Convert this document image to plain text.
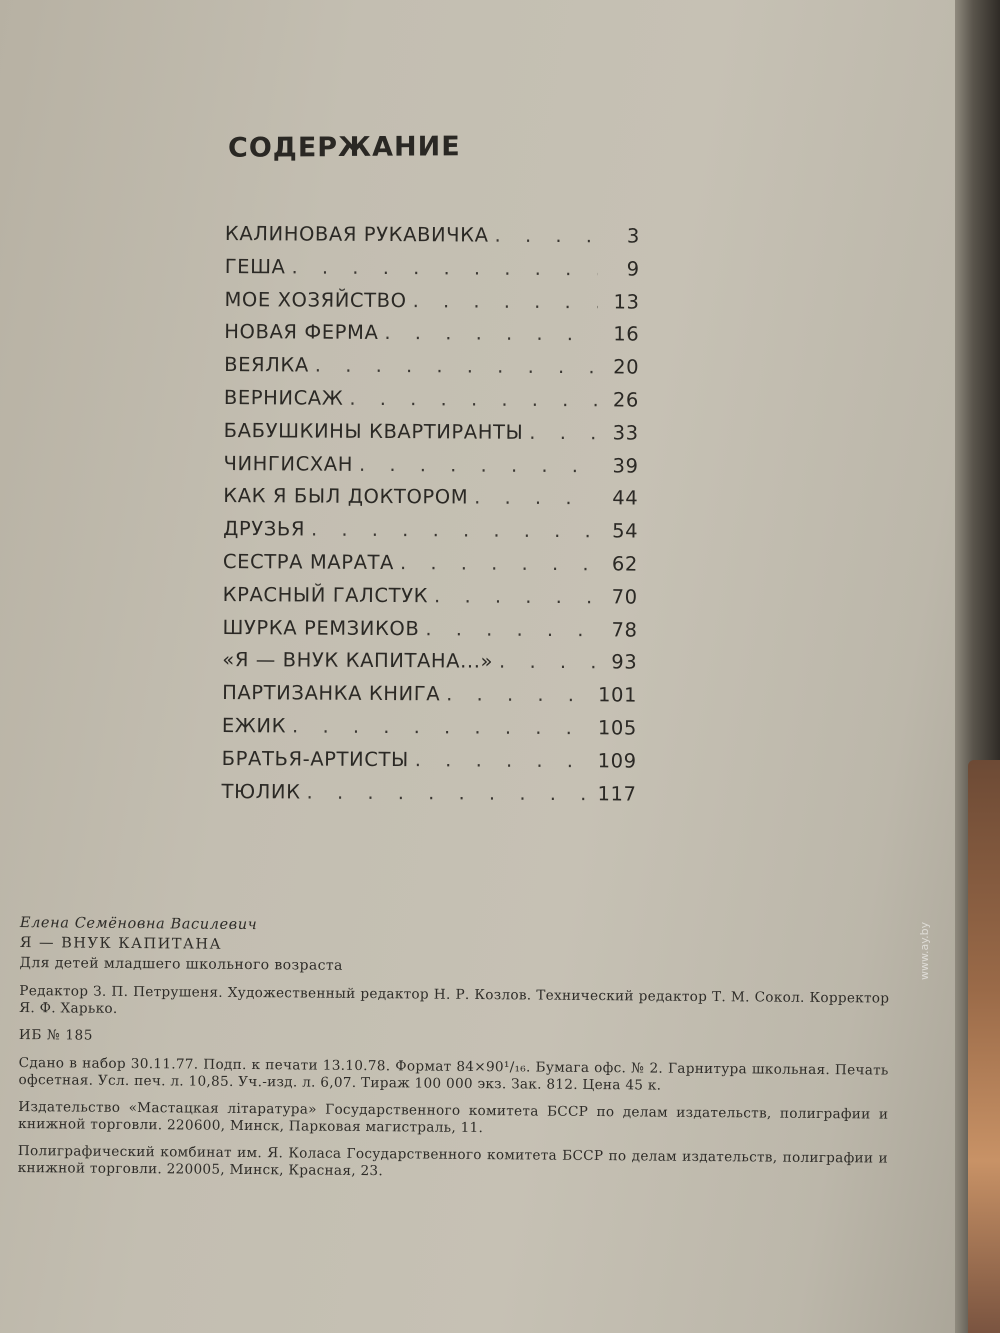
СОДЕРЖАНИЕ
КАЛИНОВАЯ РУКАВИЧКА . . .	3
ГЕША . . .	9
МОЕ ХОЗЯЙСТВО . . .	13
НОВАЯ ФЕРМА . . .	16
ВЕЯЛКА . . .	20
ВЕРНИСАЖ . . .	26
БАБУШКИНЫ КВАРТИРАНТЫ . . .	33
ЧИНГИСХАН . . .	39
КАК Я БЫЛ ДОКТОРОМ . . .	44
ДРУЗЬЯ . . .	54
СЕСТРА МАРАТА . . .	62
КРАСНЫЙ ГАЛСТУК . . .	70
ШУРКА РЕМЗИКОВ . . .	78
«Я — ВНУК КАПИТАНА...» . . .	93
ПАРТИЗАНКА КНИГА . . .	101
ЕЖИК . . .	105
БРАТЬЯ-АРТИСТЫ . . .	109
ТЮЛИК . . .	117

Елена Семёновна Василевич

Я — ВНУК КАПИТАНА

Для детей младшего школьного возраста

Редактор З. П. Петрушеня. Художественный редактор Н. Р. Козлов. Технический редактор Т. М. Сокол. Корректор Я. Ф. Харько.

ИБ № 185

Сдано в набор 30.11.77. Подп. к печати 13.10.78. Формат 84×90¹/₁₆. Бумага офс. № 2. Гарнитура школьная. Печать офсетная. Усл. печ. л. 10,85. Уч.-изд. л. 6,07. Тираж 100 000 экз. Зак. 812. Цена 45 к.

Издательство «Мастацкая лiтаратура» Государственного комитета БССР по делам издательств, полиграфии и книжной торговли. 220600, Минск, Парковая магистраль, 11.

Полиграфический комбинат им. Я. Коласа Государственного комитета БССР по делам издательств, полиграфии и книжной торговли. 220005, Минск, Красная, 23.

www.ay.by
